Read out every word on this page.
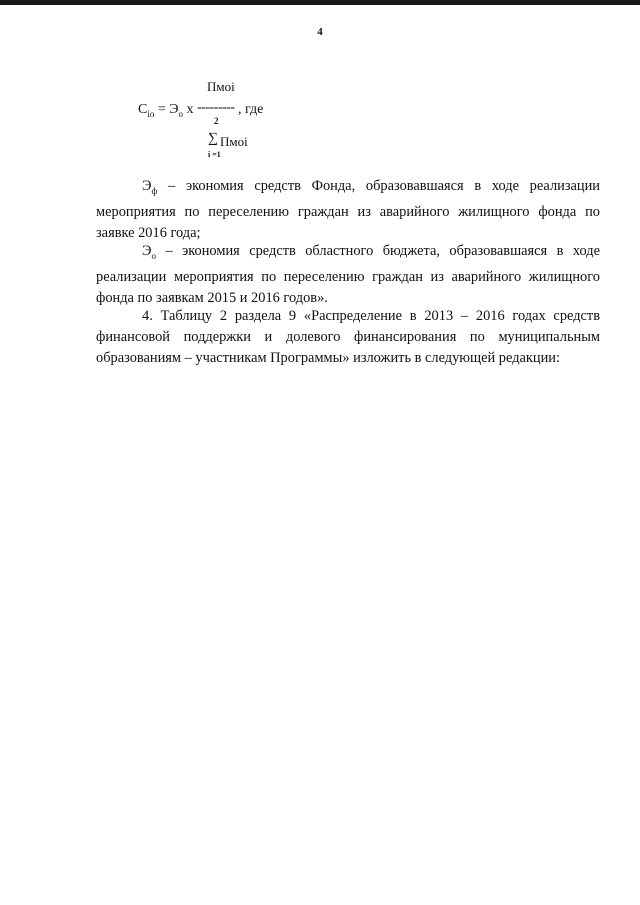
4
Пмоi
$C_{io} = Э_о$ х --------- , где
2
∑ Пмоi
i =1

$Э_ф$ – экономия средств Фонда, образовавшаяся в ходе реализации мероприятия по переселению граждан из аварийного жилищного фонда по заявке 2016 года;

$Э_о$ – экономия средств областного бюджета, образовавшаяся в ходе реализации мероприятия по переселению граждан из аварийного жилищного фонда по заявкам 2015 и 2016 годов».

4. Таблицу 2 раздела 9 «Распределение в 2013 – 2016 годах средств финансовой поддержки и долевого финансирования по муниципальным образованиям – участникам Программы» изложить в следующей редакции:
